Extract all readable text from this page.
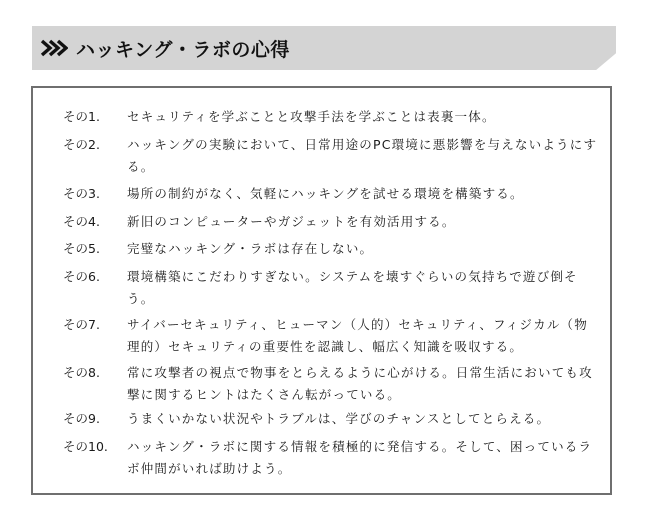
ハッキング・ラボの心得
その1.	セキュリティを学ぶことと攻撃手法を学ぶことは表裏一体。
その2.	ハッキングの実験において、日常用途のPC環境に悪影響を与えないようにする。
その3.	場所の制約がなく、気軽にハッキングを試せる環境を構築する。
その4.	新旧のコンピューターやガジェットを有効活用する。
その5.	完璧なハッキング・ラボは存在しない。
その6.	環境構築にこだわりすぎない。システムを壊すぐらいの気持ちで遊び倒そう。
その7.	サイバーセキュリティ、ヒューマン（人的）セキュリティ、フィジカル（物理的）セキュリティの重要性を認識し、幅広く知識を吸収する。
その8.	常に攻撃者の視点で物事をとらえるように心がける。日常生活においても攻撃に関するヒントはたくさん転がっている。
その9.	うまくいかない状況やトラブルは、学びのチャンスとしてとらえる。
その10.	ハッキング・ラボに関する情報を積極的に発信する。そして、困っているラボ仲間がいれば助けよう。
